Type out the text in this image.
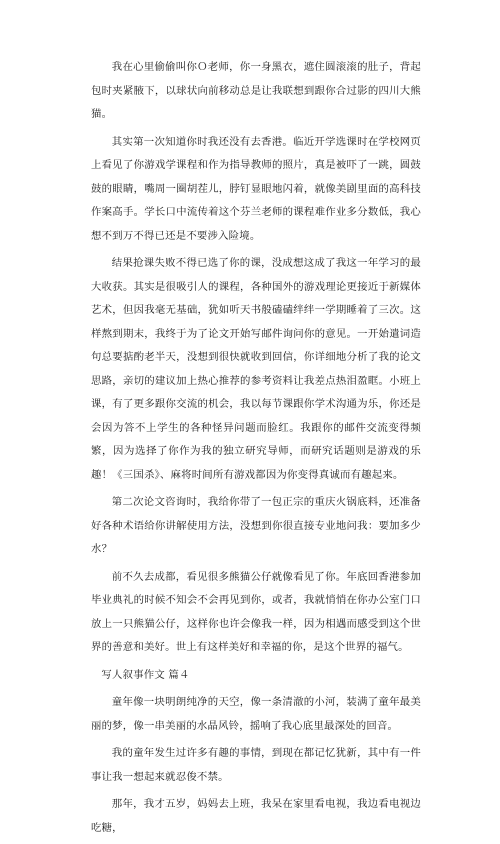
我在心里偷偷叫你Ｏ老师，你一身黑衣，遮住圆滚滚的肚子，背起包时夹紧腋下，以球状向前移动总是让我联想到跟你合过影的四川大熊猫。

其实第一次知道你时我还没有去香港。临近开学选课时在学校网页上看见了你游戏学课程和作为指导教师的照片，真是被吓了一跳，圆鼓鼓的眼睛，嘴周一圈胡茬儿，脖钉显眼地闪着，就像美剧里面的高科技作案高手。学长口中流传着这个芬兰老师的课程难作业多分数低，我心想不到万不得已还是不要涉入险境。

结果抢课失败不得已选了你的课，没成想这成了我这一年学习的最大收获。其实是很吸引人的课程，各种国外的游戏理论更接近于新媒体艺术，但因我毫无基础，犹如听天书般磕磕绊绊一学期睡着了三次。这样熬到期末，我终于为了论文开始写邮件询问你的意见。一开始遣词造句总要掂酌老半天，没想到很快就收到回信，你详细地分析了我的论文思路，亲切的建议加上热心推荐的参考资料让我差点热泪盈眶。小班上课，有了更多跟你交流的机会，我以每节课跟你学术沟通为乐，你还是会因为答不上学生的各种怪异问题而脸红。我跟你的邮件交流变得频繁，因为选择了你作为我的独立研究导师，而研究话题则是游戏的乐趣！《三国杀》、麻将时间所有游戏都因为你变得真诚而有趣起来。

第二次论文咨询时，我给你带了一包正宗的重庆火锅底料，还准备好各种术语给你讲解使用方法，没想到你很直接专业地问我：要加多少水？

前不久去成都，看见很多熊猫公仔就像看见了你。年底回香港参加毕业典礼的时候不知会不会再见到你，或者，我就悄悄在你办公室门口放上一只熊猫公仔，这样你也许会像我一样，因为相遇而感受到这个世界的善意和美好。世上有这样美好和幸福的你，是这个世界的福气。

写人叙事作文 篇４

童年像一块明朗纯净的天空，像一条清澈的小河，装满了童年最美丽的梦，像一串美丽的水晶风铃，摇响了我心底里最深处的回音。

我的童年发生过许多有趣的事情，到现在都记忆犹新，其中有一件事让我一想起来就忍俊不禁。

那年，我才五岁，妈妈去上班，我呆在家里看电视，我边看电视边吃糖，
